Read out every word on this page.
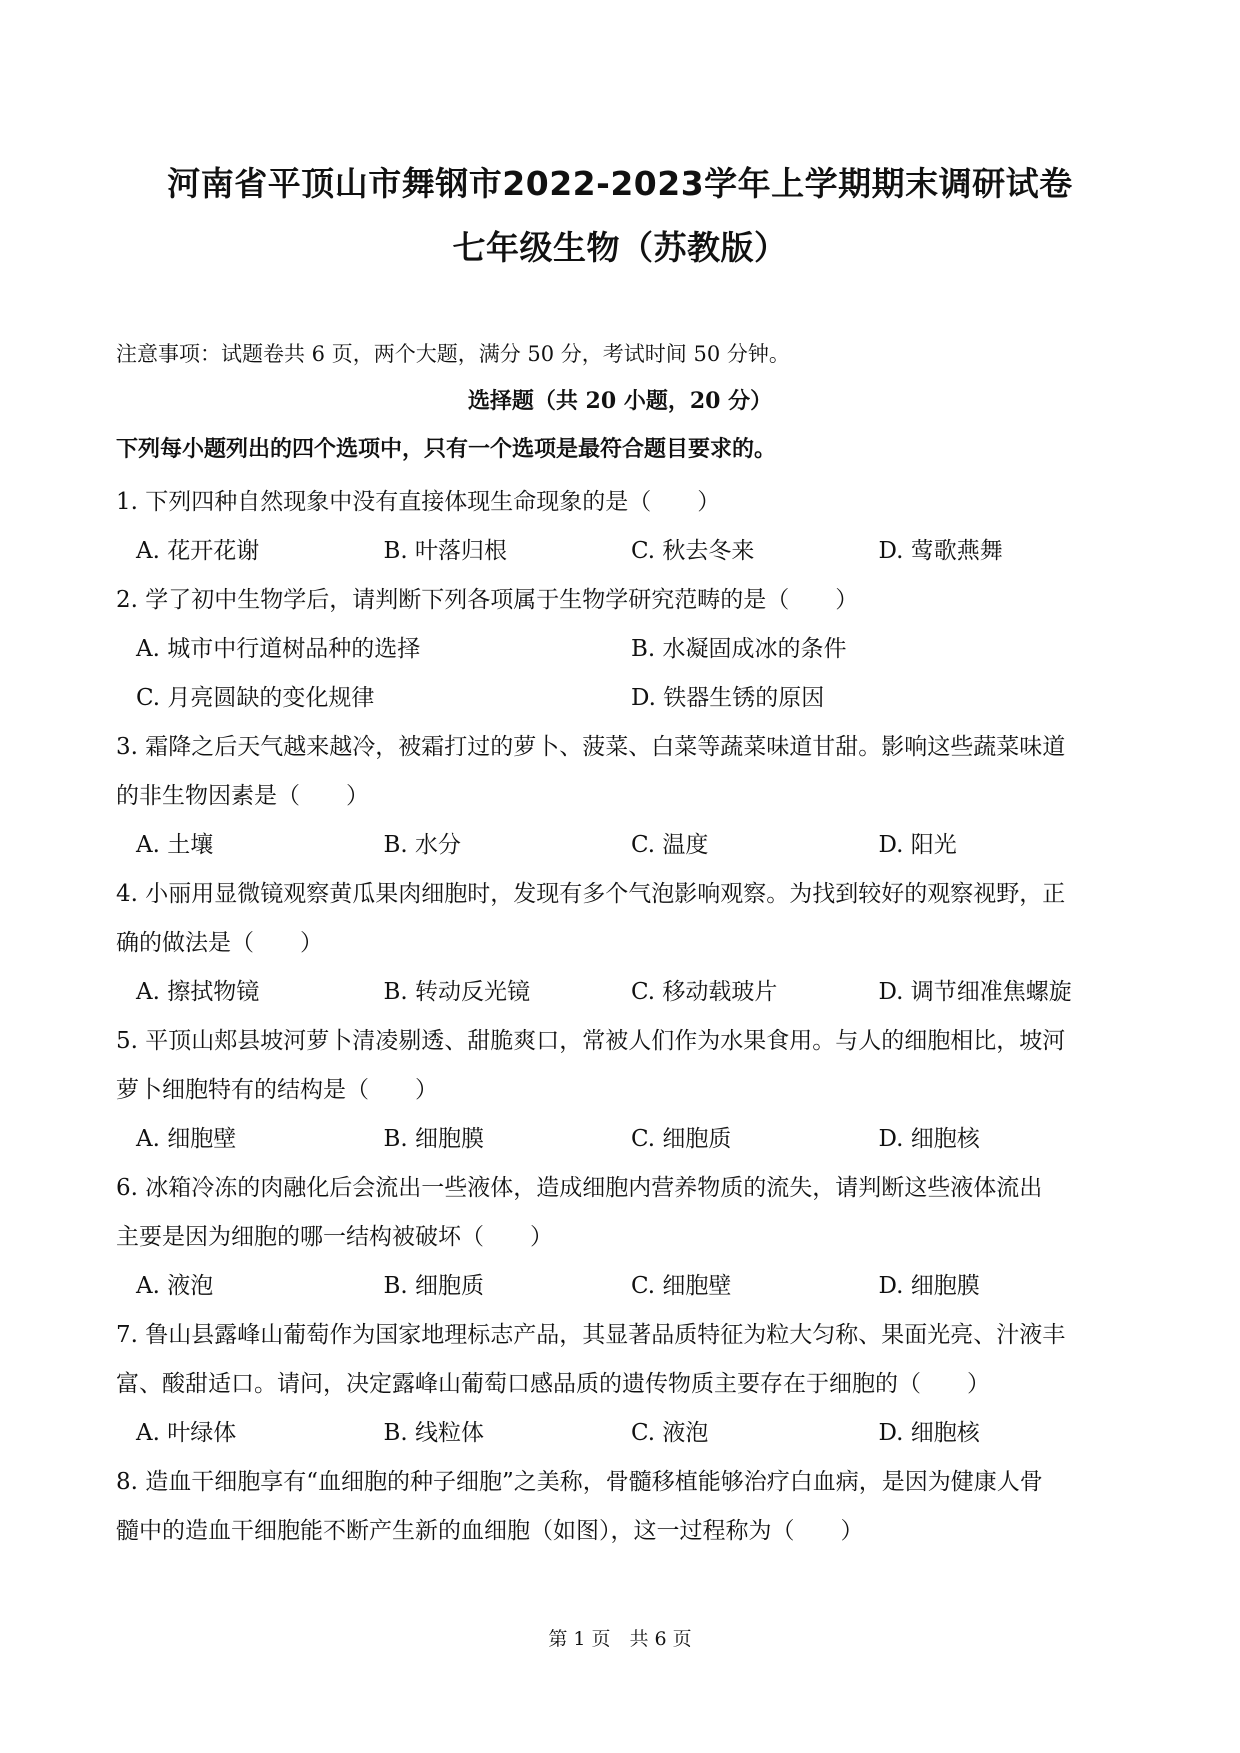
河南省平顶山市舞钢市2022-2023学年上学期期末调研试卷
七年级生物（苏教版）
注意事项：试题卷共 6 页，两个大题，满分 50 分，考试时间 50 分钟。
选择题（共 20 小题，20 分）
下列每小题列出的四个选项中，只有一个选项是最符合题目要求的。
1. 下列四种自然现象中没有直接体现生命现象的是（　　）
A. 花开花谢	B. 叶落归根	C. 秋去冬来	D. 莺歌燕舞
2. 学了初中生物学后，请判断下列各项属于生物学研究范畴的是（　　）
A. 城市中行道树品种的选择	B. 水凝固成冰的条件
C. 月亮圆缺的变化规律	D. 铁器生锈的原因
3. 霜降之后天气越来越冷，被霜打过的萝卜、菠菜、白菜等蔬菜味道甘甜。影响这些蔬菜味道
的非生物因素是（　　）
A. 土壤	B. 水分	C. 温度	D. 阳光
4. 小丽用显微镜观察黄瓜果肉细胞时，发现有多个气泡影响观察。为找到较好的观察视野，正
确的做法是（　　）
A. 擦拭物镜	B. 转动反光镜	C. 移动载玻片	D. 调节细准焦螺旋
5. 平顶山郏县坡河萝卜清凌剔透、甜脆爽口，常被人们作为水果食用。与人的细胞相比，坡河
萝卜细胞特有的结构是（　　）
A. 细胞壁	B. 细胞膜	C. 细胞质	D. 细胞核
6. 冰箱冷冻的肉融化后会流出一些液体，造成细胞内营养物质的流失，请判断这些液体流出
主要是因为细胞的哪一结构被破坏（　　）
A. 液泡	B. 细胞质	C. 细胞壁	D. 细胞膜
7. 鲁山县露峰山葡萄作为国家地理标志产品，其显著品质特征为粒大匀称、果面光亮、汁液丰
富、酸甜适口。请问，决定露峰山葡萄口感品质的遗传物质主要存在于细胞的（　　）
A. 叶绿体	B. 线粒体	C. 液泡	D. 细胞核
8. 造血干细胞享有“血细胞的种子细胞”之美称，骨髓移植能够治疗白血病，是因为健康人骨
髓中的造血干细胞能不断产生新的血细胞（如图），这一过程称为（　　）
第 1 页　共 6 页
